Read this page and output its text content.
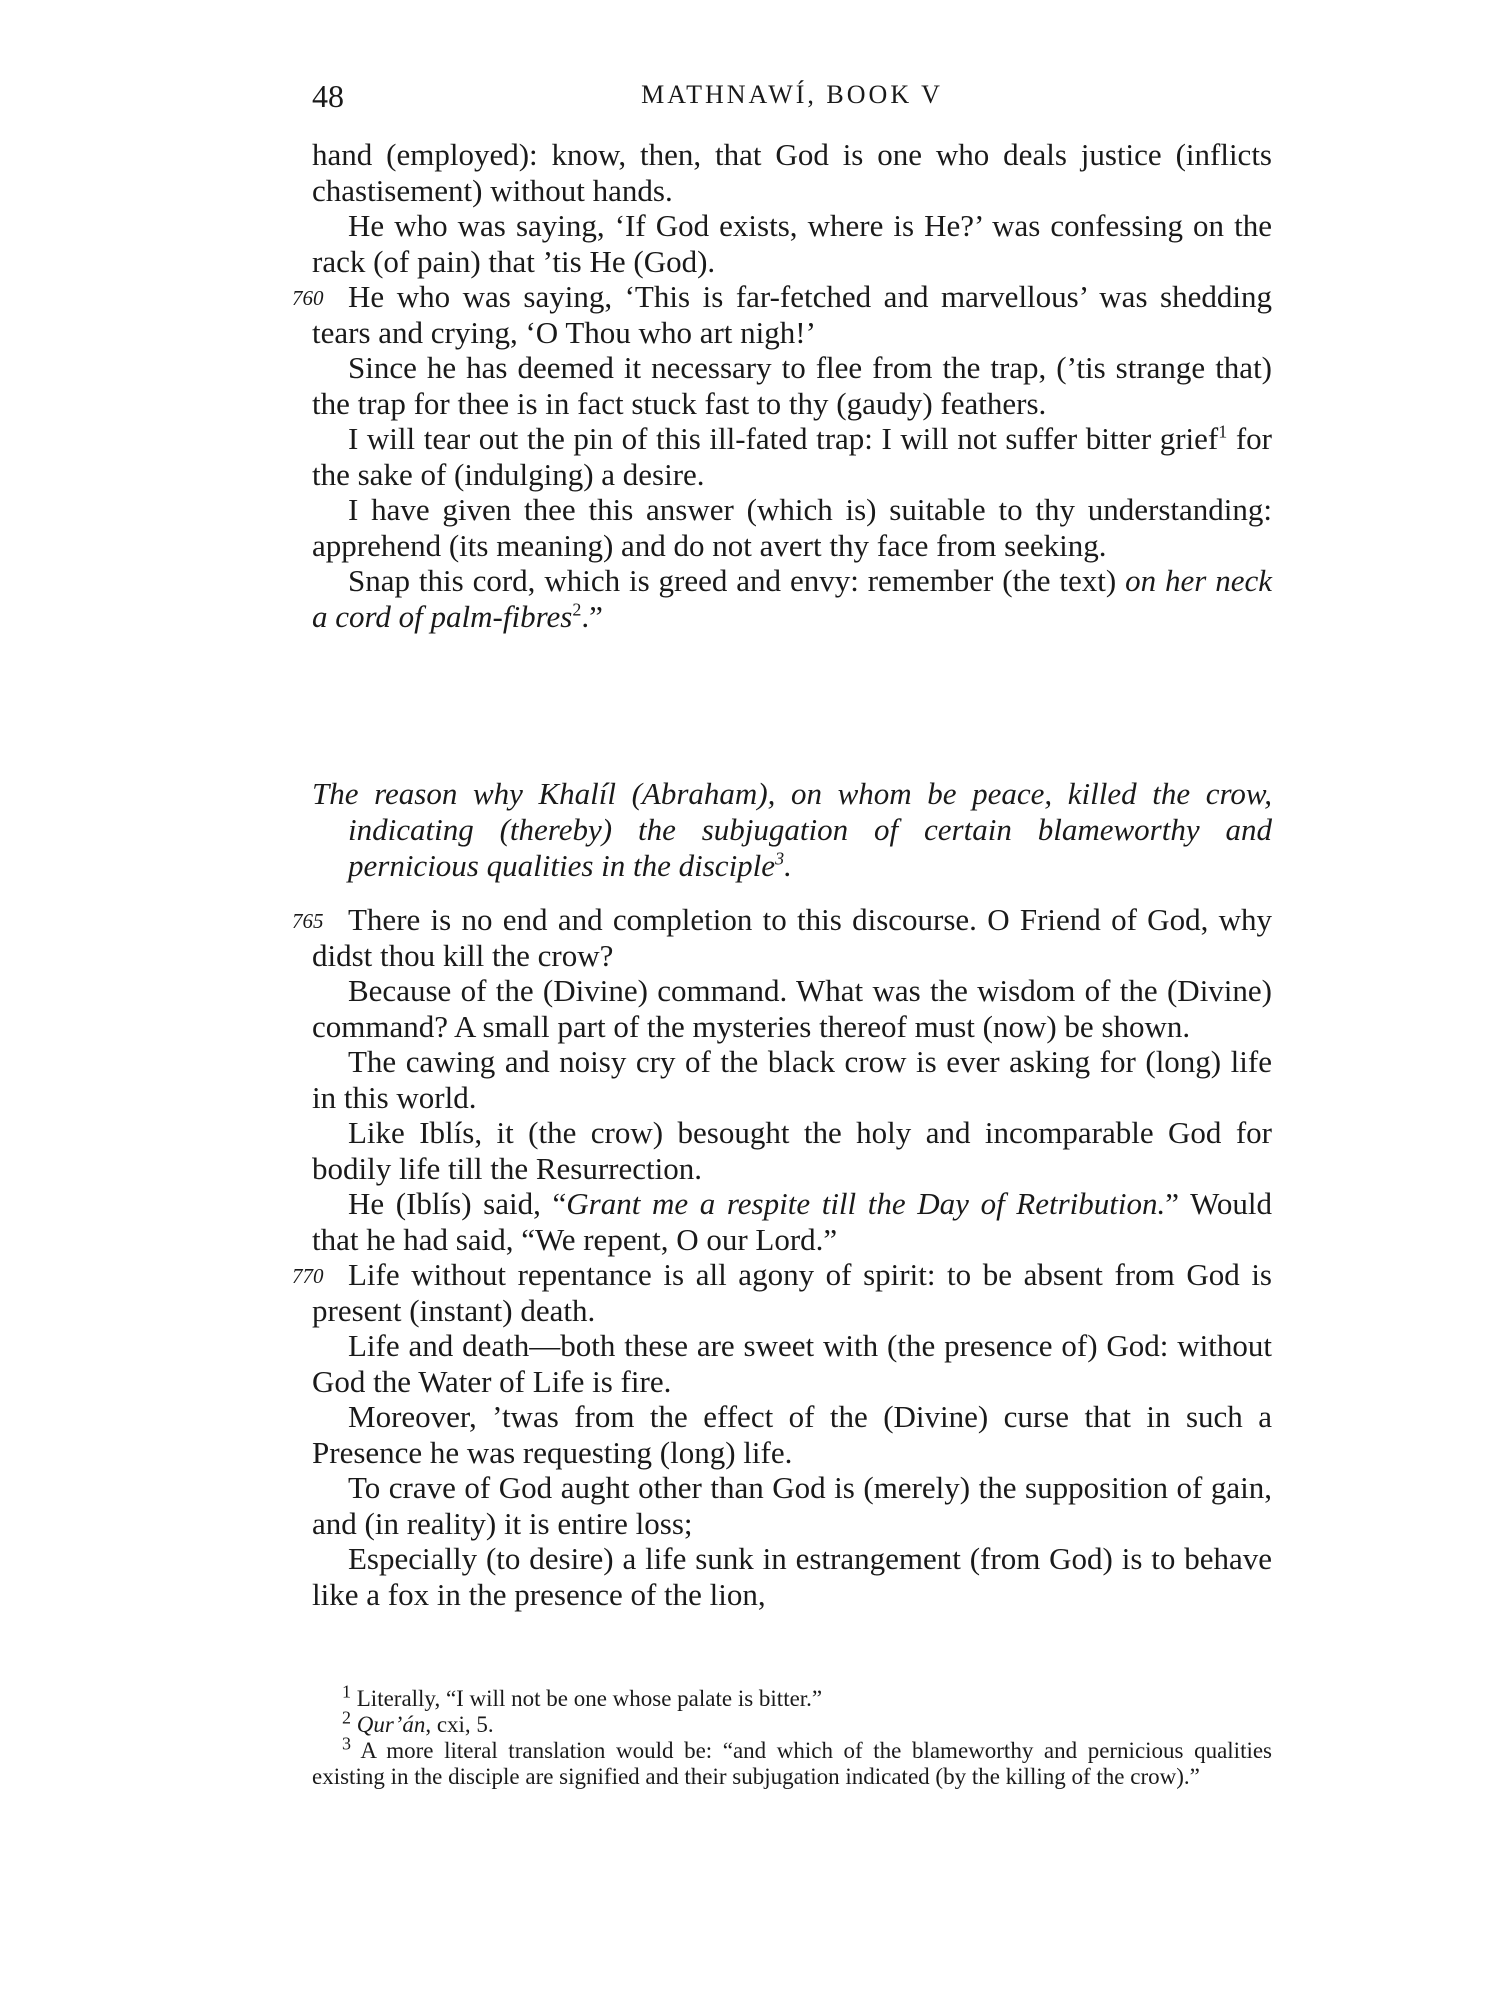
48	MATHNAWÍ, BOOK V

hand (employed): know, then, that God is one who deals justice (inflicts chastisement) without hands.

He who was saying, ‘If God exists, where is He?’ was confessing on the rack (of pain) that ’tis He (God).

760 He who was saying, ‘This is far-fetched and marvellous’ was shedding tears and crying, ‘O Thou who art nigh!’

Since he has deemed it necessary to flee from the trap, (’tis strange that) the trap for thee is in fact stuck fast to thy (gaudy) feathers.

I will tear out the pin of this ill-fated trap: I will not suffer bitter grief$^1$ for the sake of (indulging) a desire.

I have given thee this answer (which is) suitable to thy understanding: apprehend (its meaning) and do not avert thy face from seeking.

Snap this cord, which is greed and envy: remember (the text) on her neck a cord of palm-fibres$^2$.”

The reason why Khalíl (Abraham), on whom be peace, killed the crow, indicating (thereby) the subjugation of certain blameworthy and pernicious qualities in the disciple$^3$.

765 There is no end and completion to this discourse. O Friend of God, why didst thou kill the crow?

Because of the (Divine) command. What was the wisdom of the (Divine) command? A small part of the mysteries thereof must (now) be shown.

The cawing and noisy cry of the black crow is ever asking for (long) life in this world.

Like Iblís, it (the crow) besought the holy and incomparable God for bodily life till the Resurrection.

He (Iblís) said, “Grant me a respite till the Day of Retribution.” Would that he had said, “We repent, O our Lord.”

770 Life without repentance is all agony of spirit: to be absent from God is present (instant) death.

Life and death—both these are sweet with (the presence of) God: without God the Water of Life is fire.

Moreover, ’twas from the effect of the (Divine) curse that in such a Presence he was requesting (long) life.

To crave of God aught other than God is (merely) the supposition of gain, and (in reality) it is entire loss;

Especially (to desire) a life sunk in estrangement (from God) is to behave like a fox in the presence of the lion,

$^1$ Literally, “I will not be one whose palate is bitter.”

$^2$ Qur’án, cxi, 5.

$^3$ A more literal translation would be: “and which of the blameworthy and pernicious qualities existing in the disciple are signified and their subjugation indicated (by the killing of the crow).”
